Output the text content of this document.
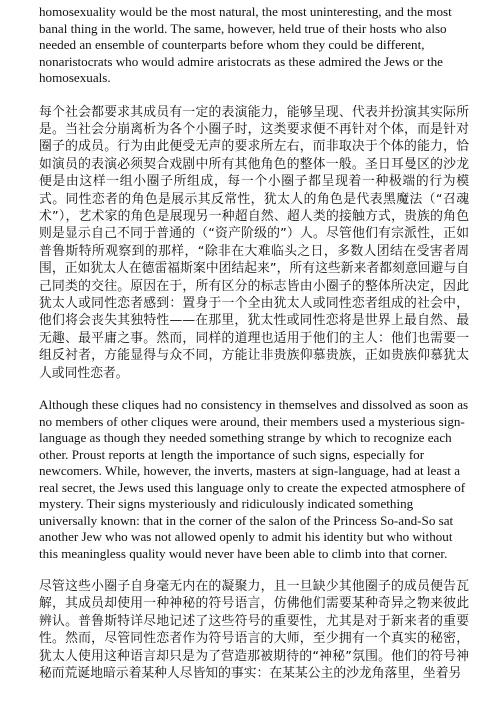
homosexuality would be the most natural, the most uninteresting, and the most banal thing in the world. The same, however, held true of their hosts who also needed an ensemble of counterparts before whom they could be different, nonaristocrats who would admire aristocrats as these admired the Jews or the homosexuals.

每个社会都要求其成员有一定的表演能力，能够呈现、代表并扮演其实际所是。当社会分崩离析为各个小圈子时，这类要求便不再针对个体，而是针对圈子的成员。行为由此便受无声的要求所左右，而非取决于个体的能力，恰如演员的表演必须契合戏剧中所有其他角色的整体一般。圣日耳曼区的沙龙便是由这样一组小圈子所组成，每一个小圈子都呈现着一种极端的行为模式。同性恋者的角色是展示其反常性，犹太人的角色是代表黑魔法（“召魂术”），艺术家的角色是展现另一种超自然、超人类的接触方式，贵族的角色则是显示自己不同于普通的（“资产阶级的”）人。尽管他们有宗派性，正如普鲁斯特所观察到的那样，“除非在大难临头之日，多数人团结在受害者周围，正如犹太人在德雷福斯案中团结起来”，所有这些新来者都刻意回避与自己同类的交往。原因在于，所有区分的标志皆由小圈子的整体所决定，因此犹太人或同性恋者感到：置身于一个全由犹太人或同性恋者组成的社会中，他们将会丧失其独特性——在那里，犹太性或同性恋将是世界上最自然、最无趣、最平庸之事。然而，同样的道理也适用于他们的主人：他们也需要一组反衬者，方能显得与众不同，方能让非贵族仰慕贵族，正如贵族仰慕犹太人或同性恋者。

Although these cliques had no consistency in themselves and dissolved as soon as no members of other cliques were around, their members used a mysterious sign-language as though they needed something strange by which to recognize each other. Proust reports at length the importance of such signs, especially for newcomers. While, however, the inverts, masters at sign-language, had at least a real secret, the Jews used this language only to create the expected atmosphere of mystery. Their signs mysteriously and ridiculously indicated something universally known: that in the corner of the salon of the Princess So-and-So sat another Jew who was not allowed openly to admit his identity but who without this meaningless quality would never have been able to climb into that corner.

尽管这些小圈子自身毫无内在的凝聚力，且一旦缺少其他圈子的成员便告瓦解，其成员却使用一种神秘的符号语言，仿佛他们需要某种奇异之物来彼此辨认。普鲁斯特详尽地记述了这些符号的重要性，尤其是对于新来者的重要性。然而，尽管同性恋者作为符号语言的大师，至少拥有一个真实的秘密，犹太人使用这种语言却只是为了营造那被期待的“神秘”氛围。他们的符号神秘而荒诞地暗示着某种人尽皆知的事实：在某某公主的沙龙角落里，坐着另
